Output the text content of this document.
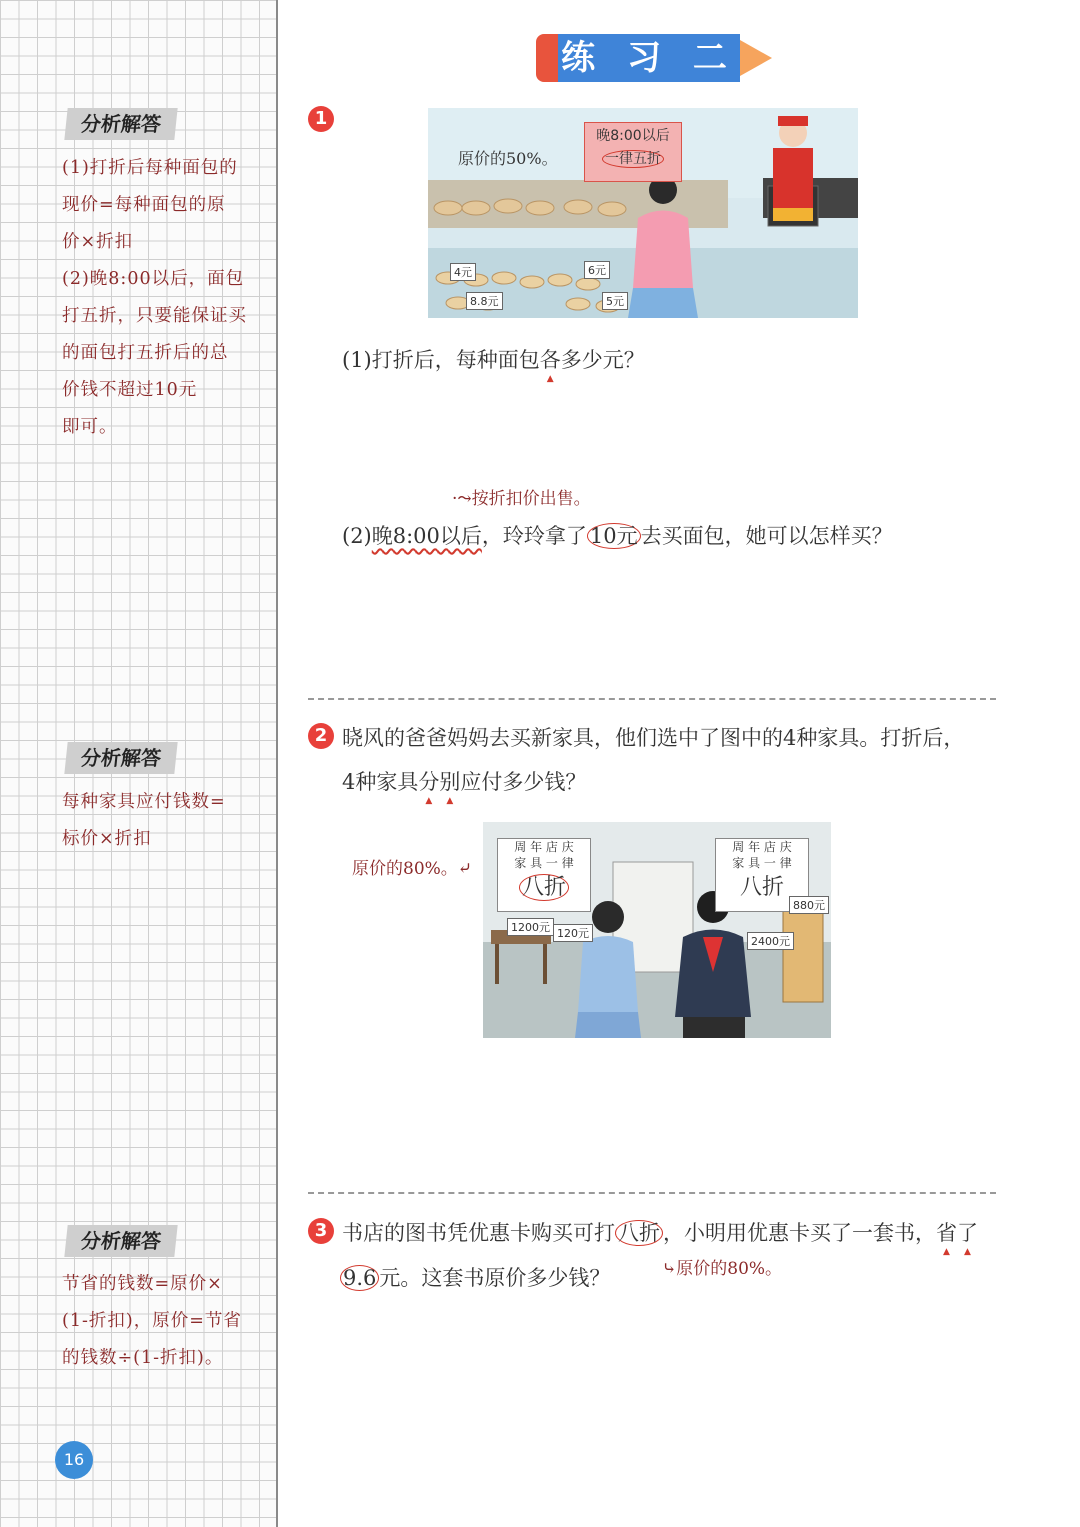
分析解答
(1)打折后每种面包的
现价=每种面包的原
价×折扣
(2)晚8:00以后，面包
打五折，只要能保证买
的面包打五折后的总
价钱不超过10元
即可。
分析解答
每种家具应付钱数=
标价×折扣
分析解答
节省的钱数=原价×
(1-折扣)，原价=节省
的钱数÷(1-折扣)。
16
练 习 二
1
晚8:00以后
一律五折
原价的50%。
4元	6元
8.8元	5元
(1)打折后，每种面包各 ▲多少元？
·⤳按折扣价出售。
(2)晚8:00以后，玲玲拿了 10元 去买面包，她可以怎样买？
2 晓风的爸爸妈妈去买新家具，他们选中了图中的4种家具。打折后，
4种家具分 ▲别 ▲应付多少钱？
原价的80%。⤶
周 年 店 庆
家 具 一 律
八折
周 年 店 庆
家 具 一 律
八折
1200元 120元
2400元
880元
3 书店的图书凭优惠卡购买可打 八折 ，小明用优惠卡买了一套书，省 ▲了 ▲
9.6 元。这套书原价多少钱？	⤷原价的80%。
